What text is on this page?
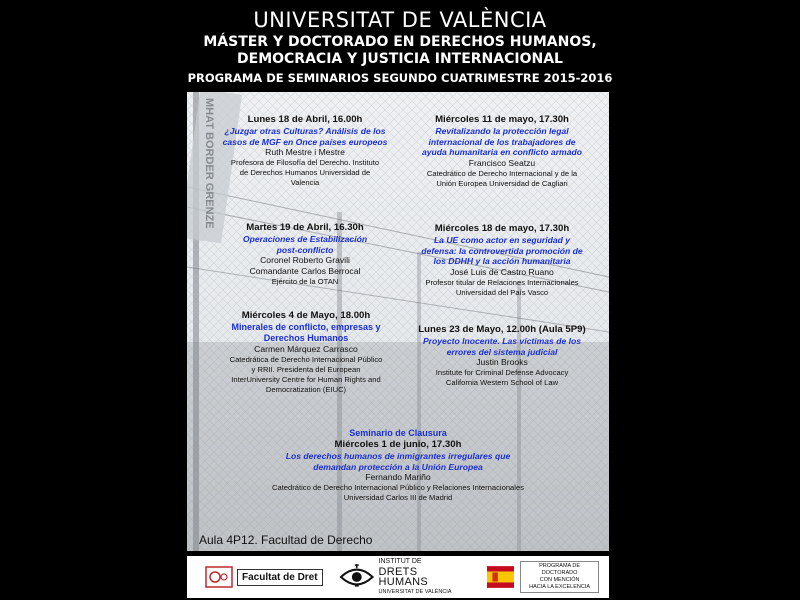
UNIVERSITAT DE VALÈNCIA
MÁSTER Y DOCTORADO EN DERECHOS HUMANOS,
DEMOCRACIA Y JUSTICIA INTERNACIONAL
PROGRAMA DE SEMINARIOS SEGUNDO CUATRIMESTRE 2015-2016
MHAT BORDER GRENZE
Lunes 18 de Abril, 16.00h
¿Juzgar otras Culturas? Análisis de los
casos de MGF en Once países europeos
Ruth Mestre i Mestre
Profesora de Filosofía del Derecho. Instituto
de Derechos Humanos Universidad de
Valencia
Miércoles 11 de mayo, 17.30h
Revitalizando la protección legal
internacional de los trabajadores de
ayuda humanitaria en conflicto armado
Francisco Seatzu
Catedrático de Derecho Internacional y de la
Unión Europea Universidad de Cagliari
Martes 19 de Abril, 16.30h
Operaciones de Estabilización
post-conflicto
Coronel Roberto Gravili
Comandante Carlos Berrocal
Ejército de la OTAN
Miércoles 18 de mayo, 17.30h
La UE como actor en seguridad y
defensa: la controvertida promoción de
los DDHH y la acción humanitaria
José Luis de Castro Ruano
Profesor titular de Relaciones Internacionales
Universidad del País Vasco
Miércoles 4 de Mayo, 18.00h
Minerales de conflicto, empresas y
Derechos Humanos
Carmen Márquez Carrasco
Catedrática de Derecho Internacional Público
y RRII. Presidenta del European
InterUniversity Centre for Human Rights and
Democratization (EIUC)
Lunes 23 de Mayo, 12.00h (Aula 5P9)
Proyecto Inocente. Las víctimas de los
errores del sistema judicial
Justin Brooks
Institute for Criminal Defense Advocacy
California Western School of Law
Seminario de Clausura
Miércoles 1 de junio, 17.30h
Los derechos humanos de inmigrantes irregulares que
demandan protección a la Unión Europea
Fernando Mariño
Catedrático de Derecho Internacional Público y Relaciones Internacionales
Universidad Carlos III de Madrid
Aula 4P12. Facultad de Derecho
Facultat de Dret
INSTITUT DE
DRETS HUMANS
UNIVERSITAT DE VALÈNCIA
PROGRAMA DE DOCTORADO
CON MENCIÓN
HACIA LA EXCELENCIA
